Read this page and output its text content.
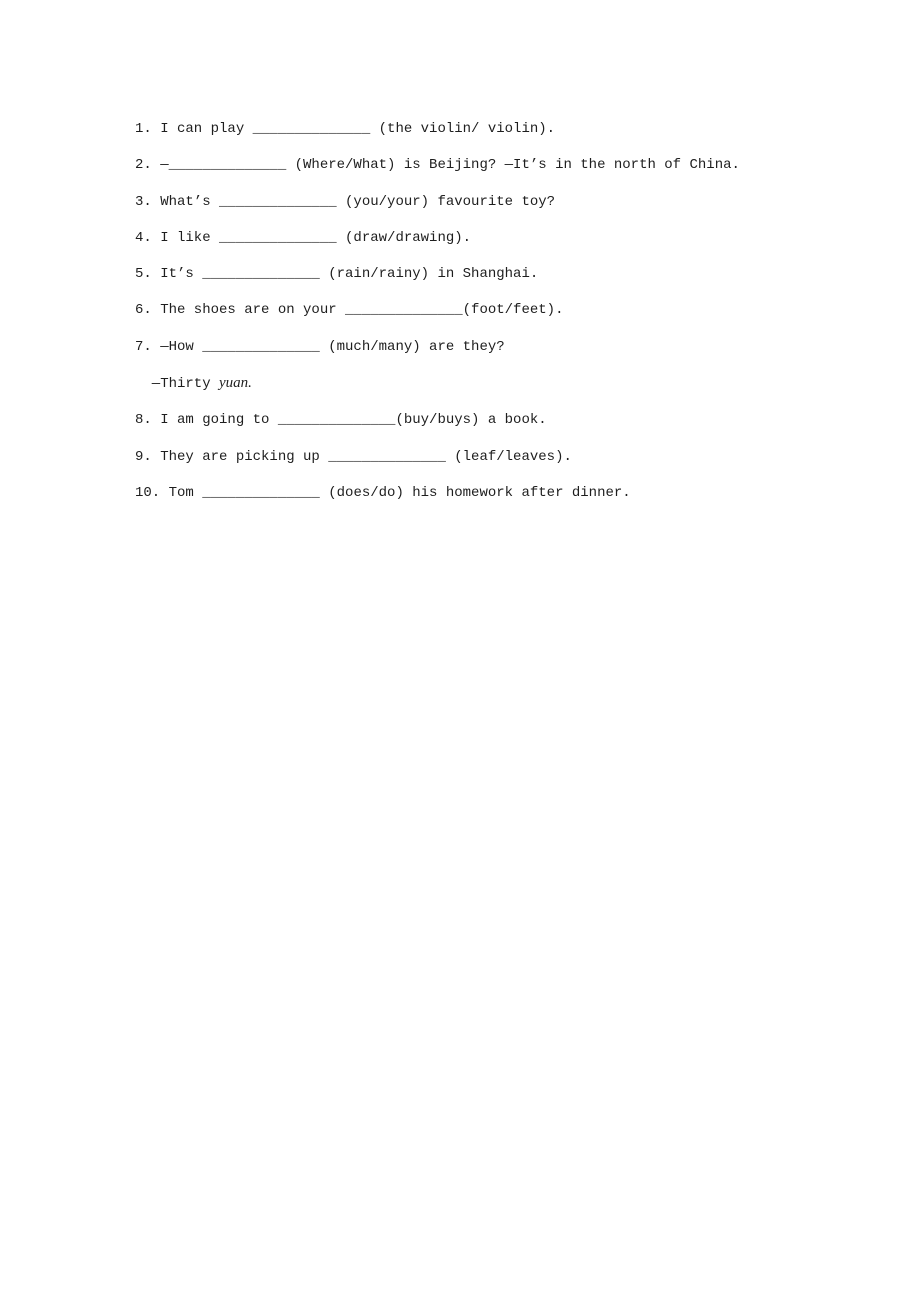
1. I can play ______________ (the violin/ violin).
2. —______________ (Where/What) is Beijing? —It’s in the north of China.
3. What’s ______________ (you/your) favourite toy?
4. I like ______________ (draw/drawing).
5. It’s ______________ (rain/rainy) in Shanghai.
6. The shoes are on your ______________(foot/feet).
7. —How ______________ (much/many) are they?
—Thirty yuan.
8. I am going to ______________(buy/buys) a book.
9. They are picking up ______________ (leaf/leaves).
10. Tom ______________ (does/do) his homework after dinner.
